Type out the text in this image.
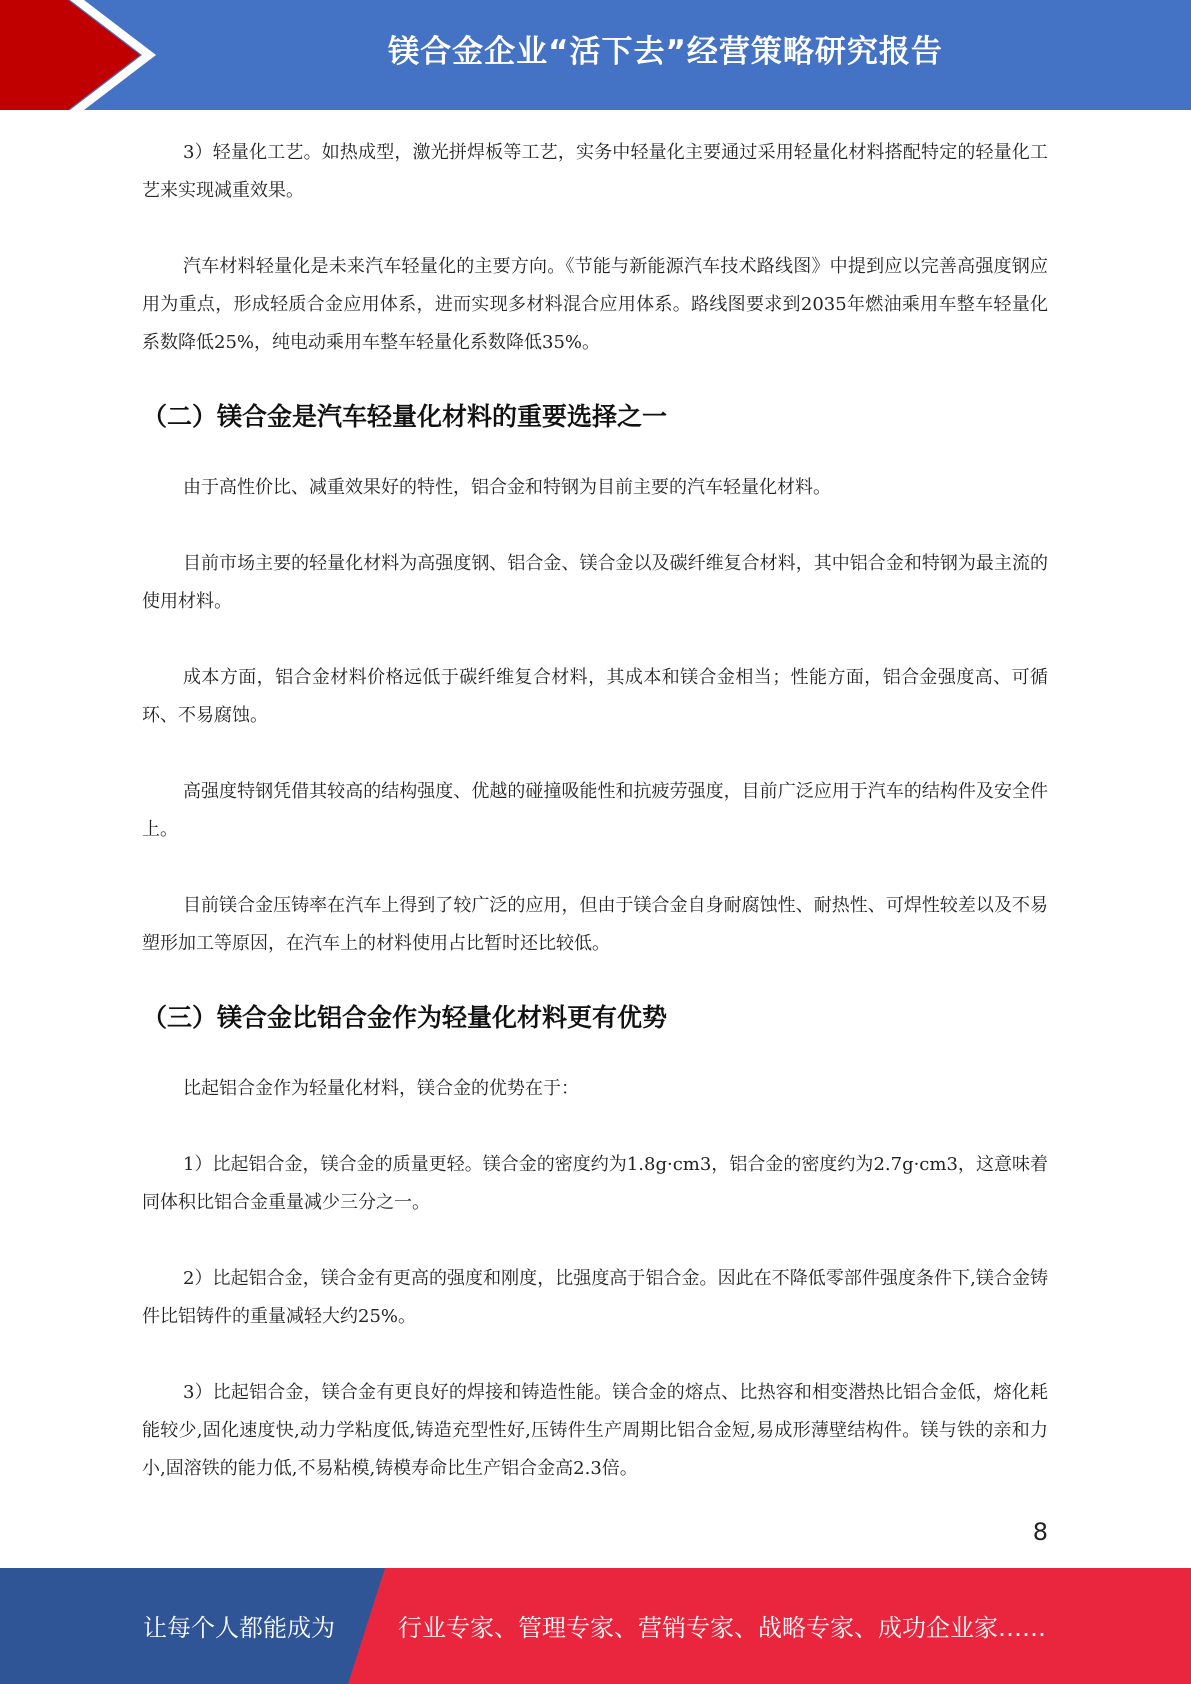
镁合金企业“活下去”经营策略研究报告

3）轻量化工艺。如热成型，激光拼焊板等工艺，实务中轻量化主要通过采用轻量化材料搭配特定的轻量化工艺来实现减重效果。

汽车材料轻量化是未来汽车轻量化的主要方向。《节能与新能源汽车技术路线图》中提到应以完善高强度钢应用为重点，形成轻质合金应用体系，进而实现多材料混合应用体系。路线图要求到2035年燃油乘用车整车轻量化系数降低25%，纯电动乘用车整车轻量化系数降低35%。

（二）镁合金是汽车轻量化材料的重要选择之一

由于高性价比、减重效果好的特性，铝合金和特钢为目前主要的汽车轻量化材料。

目前市场主要的轻量化材料为高强度钢、铝合金、镁合金以及碳纤维复合材料，其中铝合金和特钢为最主流的使用材料。

成本方面，铝合金材料价格远低于碳纤维复合材料，其成本和镁合金相当；性能方面，铝合金强度高、可循环、不易腐蚀。

高强度特钢凭借其较高的结构强度、优越的碰撞吸能性和抗疲劳强度，目前广泛应用于汽车的结构件及安全件上。

目前镁合金压铸率在汽车上得到了较广泛的应用，但由于镁合金自身耐腐蚀性、耐热性、可焊性较差以及不易塑形加工等原因，在汽车上的材料使用占比暂时还比较低。

（三）镁合金比铝合金作为轻量化材料更有优势

比起铝合金作为轻量化材料，镁合金的优势在于：

1）比起铝合金，镁合金的质量更轻。镁合金的密度约为1.8g·cm3，铝合金的密度约为2.7g·cm3，这意味着同体积比铝合金重量减少三分之一。

2）比起铝合金，镁合金有更高的强度和刚度，比强度高于铝合金。因此在不降低零部件强度条件下,镁合金铸件比铝铸件的重量减轻大约25%。

3）比起铝合金，镁合金有更良好的焊接和铸造性能。镁合金的熔点、比热容和相变潜热比铝合金低，熔化耗能较少,固化速度快,动力学粘度低,铸造充型性好,压铸件生产周期比铝合金短,易成形薄壁结构件。镁与铁的亲和力小,固溶铁的能力低,不易粘模,铸模寿命比生产铝合金高2.3倍。

8
让每个人都能成为	行业专家、管理专家、营销专家、战略专家、成功企业家……
